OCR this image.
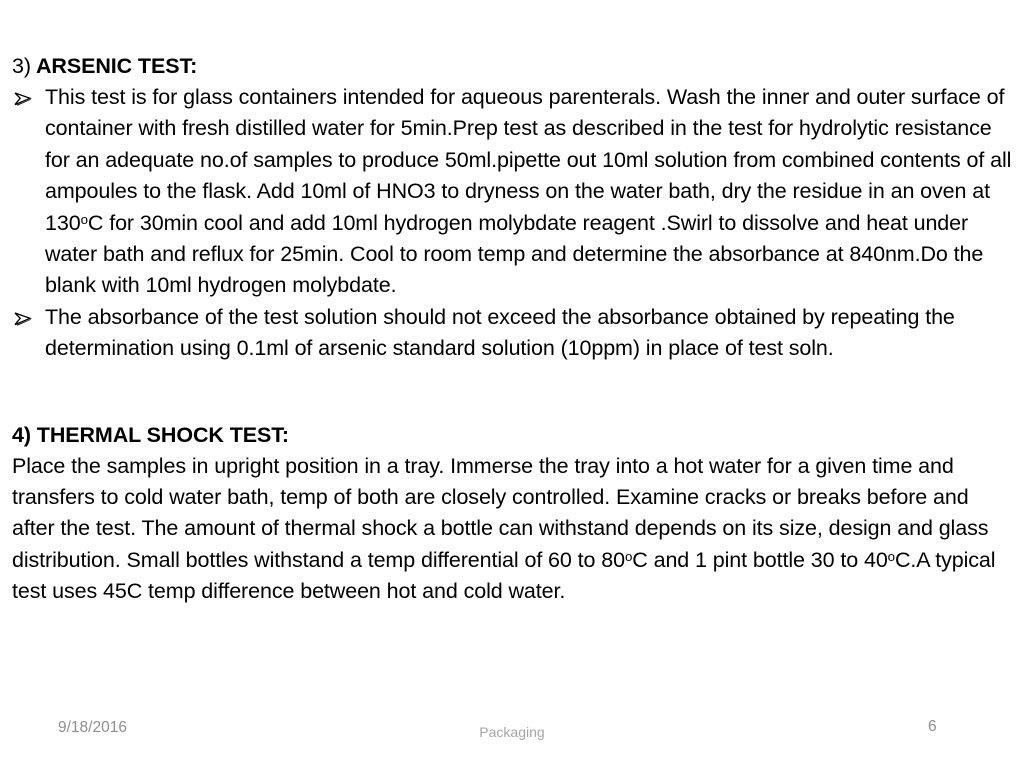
3) ARSENIC TEST:
This test is for glass containers intended for aqueous parenterals. Wash the inner and outer surface of container with fresh distilled water for 5min.Prep test as described in the test for hydrolytic resistance for an adequate no.of samples to produce 50ml.pipette out 10ml solution from combined contents of all ampoules to the flask. Add 10ml of HNO3 to dryness on the water bath, dry the residue in an oven at 130$^o$C for 30min cool and add 10ml hydrogen molybdate reagent .Swirl to dissolve and heat under water bath and reflux for 25min. Cool to room temp and determine the absorbance at 840nm.Do the blank with 10ml hydrogen molybdate.
The absorbance of the test solution should not exceed the absorbance obtained by repeating the determination using 0.1ml of arsenic standard solution (10ppm) in place of test soln.
4) THERMAL SHOCK TEST:

Place the samples in upright position in a tray. Immerse the tray into a hot water for a given time and transfers to cold water bath, temp of both are closely controlled. Examine cracks or breaks before and after the test. The amount of thermal shock a bottle can withstand depends on its size, design and glass distribution. Small bottles withstand a temp differential of 60 to 80$^o$C and 1 pint bottle 30 to 40$^o$C.A typical test uses 45C temp difference between hot and cold water.

9/18/2016	Packaging	6
